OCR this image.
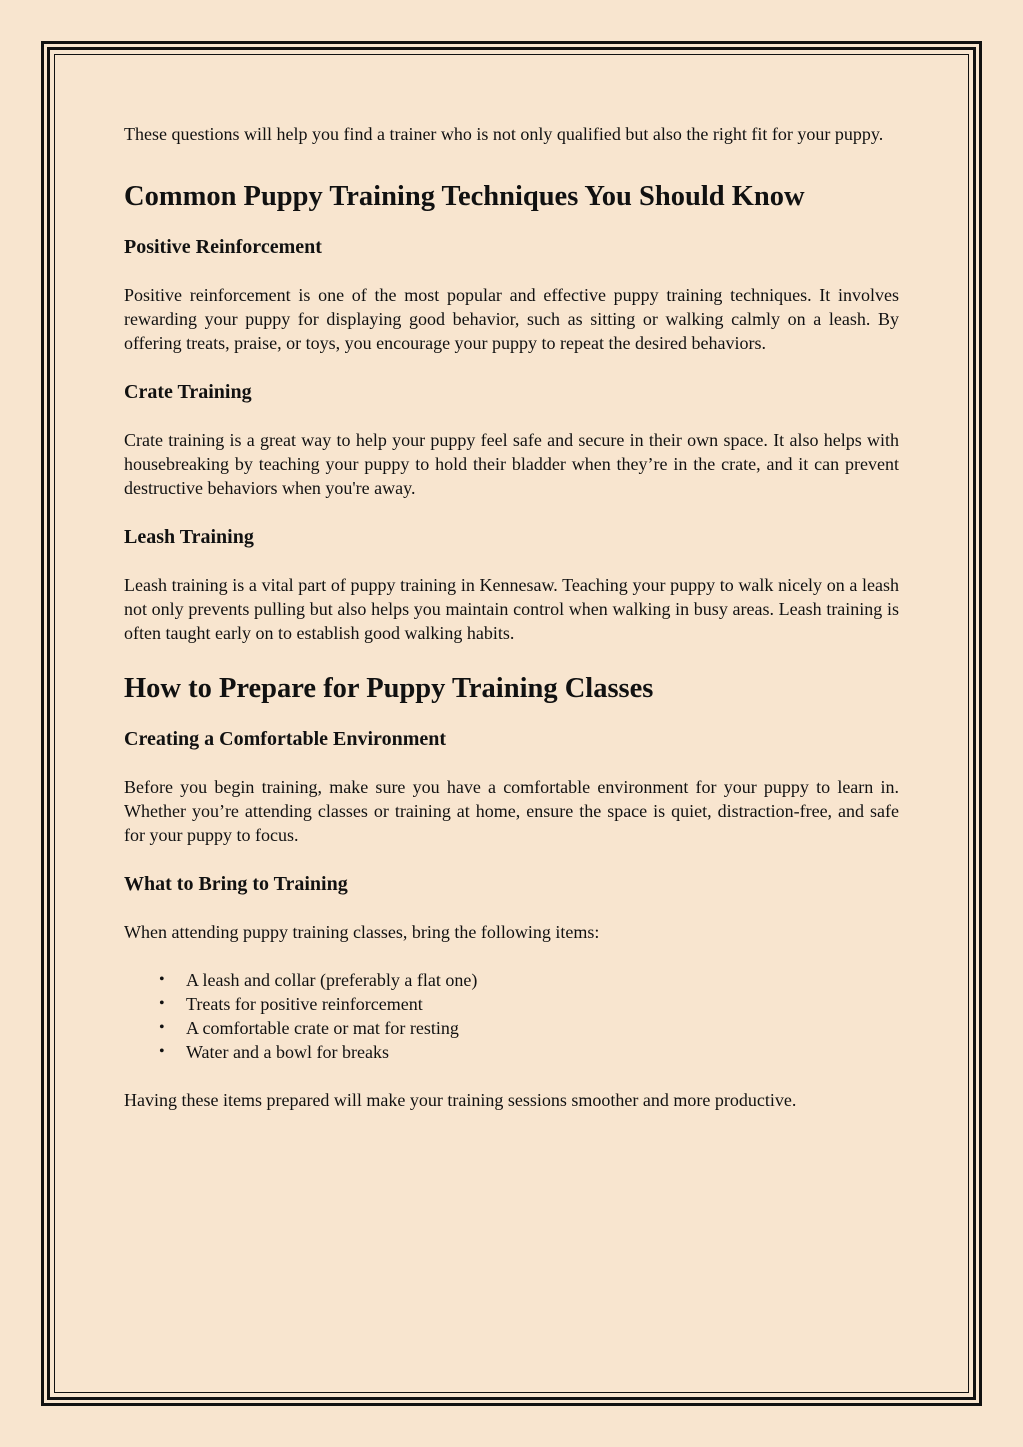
These questions will help you find a trainer who is not only qualified but also the right fit for your puppy.

Common Puppy Training Techniques You Should Know
Positive Reinforcement

Positive reinforcement is one of the most popular and effective puppy training techniques. It involves rewarding your puppy for displaying good behavior, such as sitting or walking calmly on a leash. By offering treats, praise, or toys, you encourage your puppy to repeat the desired behaviors.

Crate Training

Crate training is a great way to help your puppy feel safe and secure in their own space. It also helps with housebreaking by teaching your puppy to hold their bladder when they’re in the crate, and it can prevent destructive behaviors when you're away.

Leash Training

Leash training is a vital part of puppy training in Kennesaw. Teaching your puppy to walk nicely on a leash not only prevents pulling but also helps you maintain control when walking in busy areas. Leash training is often taught early on to establish good walking habits.

How to Prepare for Puppy Training Classes
Creating a Comfortable Environment

Before you begin training, make sure you have a comfortable environment for your puppy to learn in. Whether you’re attending classes or training at home, ensure the space is quiet, distraction-free, and safe for your puppy to focus.

What to Bring to Training

When attending puppy training classes, bring the following items:

• A leash and collar (preferably a flat one)
• Treats for positive reinforcement
• A comfortable crate or mat for resting
• Water and a bowl for breaks

Having these items prepared will make your training sessions smoother and more productive.
